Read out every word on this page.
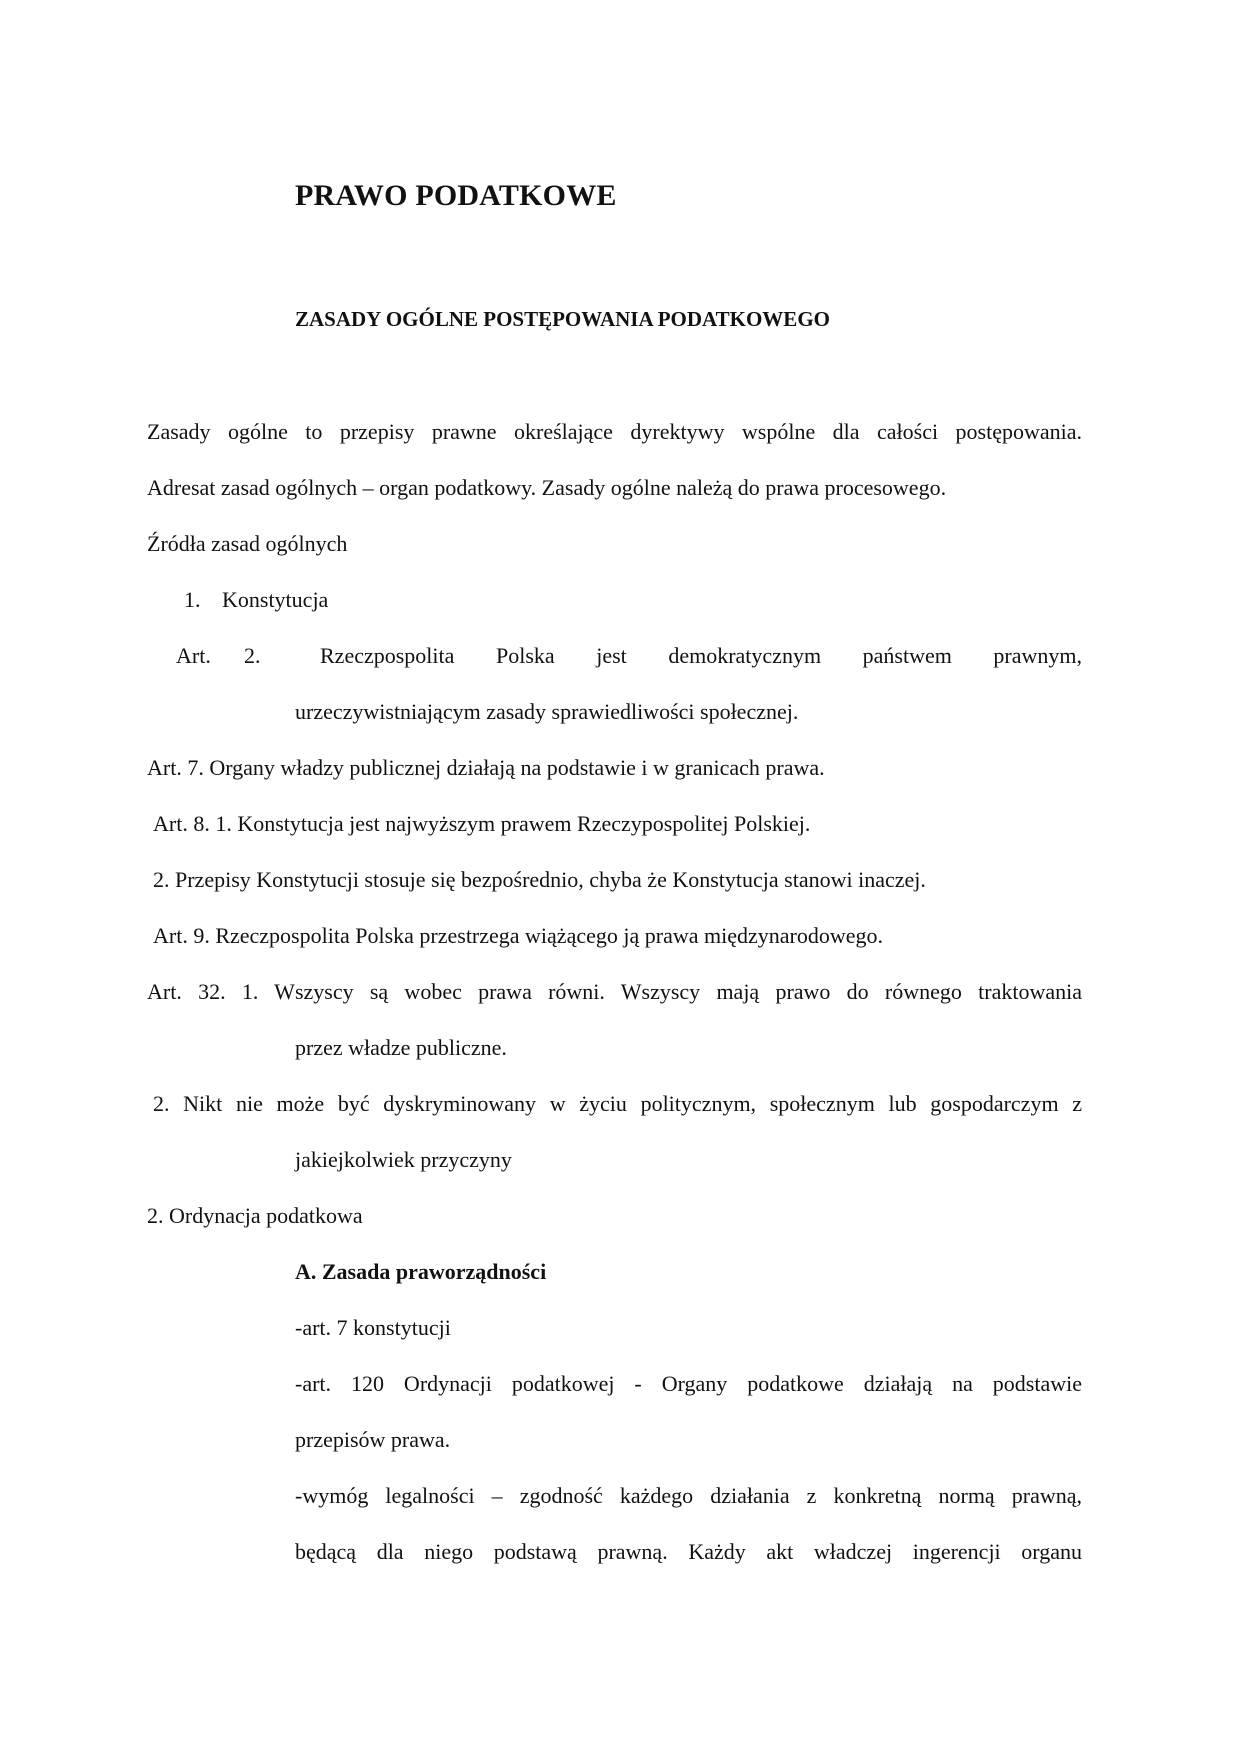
PRAWO PODATKOWE
ZASADY OGÓLNE POSTĘPOWANIA PODATKOWEGO
Zasady ogólne to przepisy prawne określające dyrektywy wspólne dla całości postępowania.
Adresat zasad ogólnych – organ podatkowy. Zasady ogólne należą do prawa procesowego.
Źródła zasad ogólnych
1. Konstytucja
Art. 2.	Rzeczpospolita Polska jest demokratycznym państwem prawnym,
urzeczywistniającym zasady sprawiedliwości społecznej.
Art. 7. Organy władzy publicznej działają na podstawie i w granicach prawa.
Art. 8. 1. Konstytucja jest najwyższym prawem Rzeczypospolitej Polskiej.
2. Przepisy Konstytucji stosuje się bezpośrednio, chyba że Konstytucja stanowi inaczej.
Art. 9. Rzeczpospolita Polska przestrzega wiążącego ją prawa międzynarodowego.
Art. 32. 1. Wszyscy są wobec prawa równi. Wszyscy mają prawo do równego traktowania
przez władze publiczne.
2. Nikt nie może być dyskryminowany w życiu politycznym, społecznym lub gospodarczym z
jakiejkolwiek przyczyny
2. Ordynacja podatkowa
A. Zasada praworządności
-art. 7 konstytucji
-art. 120 Ordynacji podatkowej - Organy podatkowe działają na podstawie
przepisów prawa.
-wymóg legalności – zgodność każdego działania z konkretną normą prawną,
będącą dla niego podstawą prawną. Każdy akt władczej ingerencji organu
